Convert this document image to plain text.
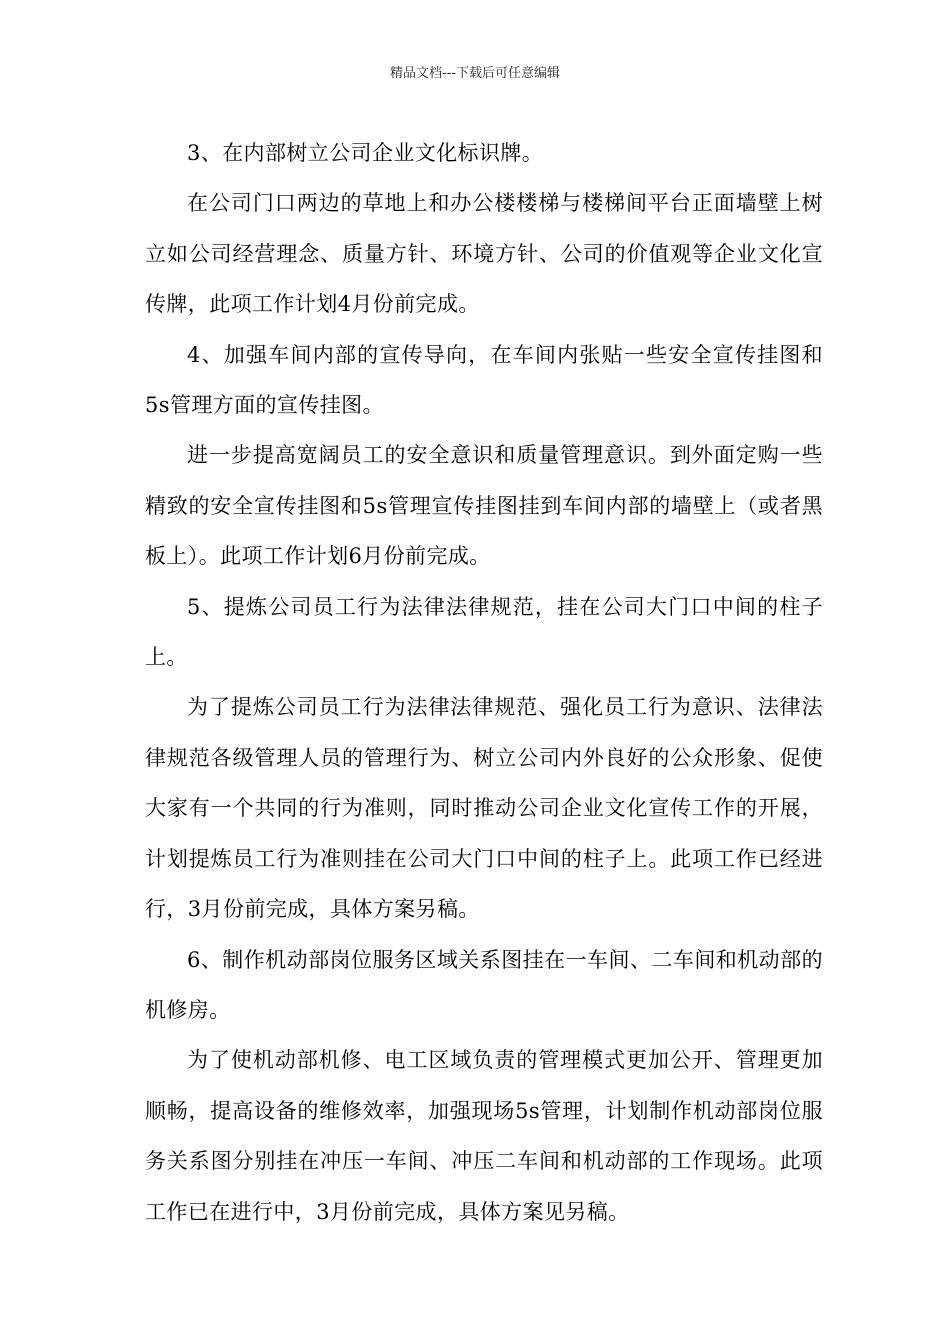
精品文档---下载后可任意编辑

3、在内部树立公司企业文化标识牌。

在公司门口两边的草地上和办公楼楼梯与楼梯间平台正面墙壁上树立如公司经营理念、质量方针、环境方针、公司的价值观等企业文化宣传牌，此项工作计划4月份前完成。

4、加强车间内部的宣传导向，在车间内张贴一些安全宣传挂图和5s管理方面的宣传挂图。

进一步提高宽阔员工的安全意识和质量管理意识。到外面定购一些精致的安全宣传挂图和5s管理宣传挂图挂到车间内部的墙壁上（或者黑板上）。此项工作计划6月份前完成。

5、提炼公司员工行为法律法律规范，挂在公司大门口中间的柱子上。

为了提炼公司员工行为法律法律规范、强化员工行为意识、法律法律规范各级管理人员的管理行为、树立公司内外良好的公众形象、促使大家有一个共同的行为准则，同时推动公司企业文化宣传工作的开展，计划提炼员工行为准则挂在公司大门口中间的柱子上。此项工作已经进行，3月份前完成，具体方案另稿。

6、制作机动部岗位服务区域关系图挂在一车间、二车间和机动部的机修房。

为了使机动部机修、电工区域负责的管理模式更加公开、管理更加顺畅，提高设备的维修效率，加强现场5s管理，计划制作机动部岗位服务关系图分别挂在冲压一车间、冲压二车间和机动部的工作现场。此项工作已在进行中，3月份前完成，具体方案见另稿。
